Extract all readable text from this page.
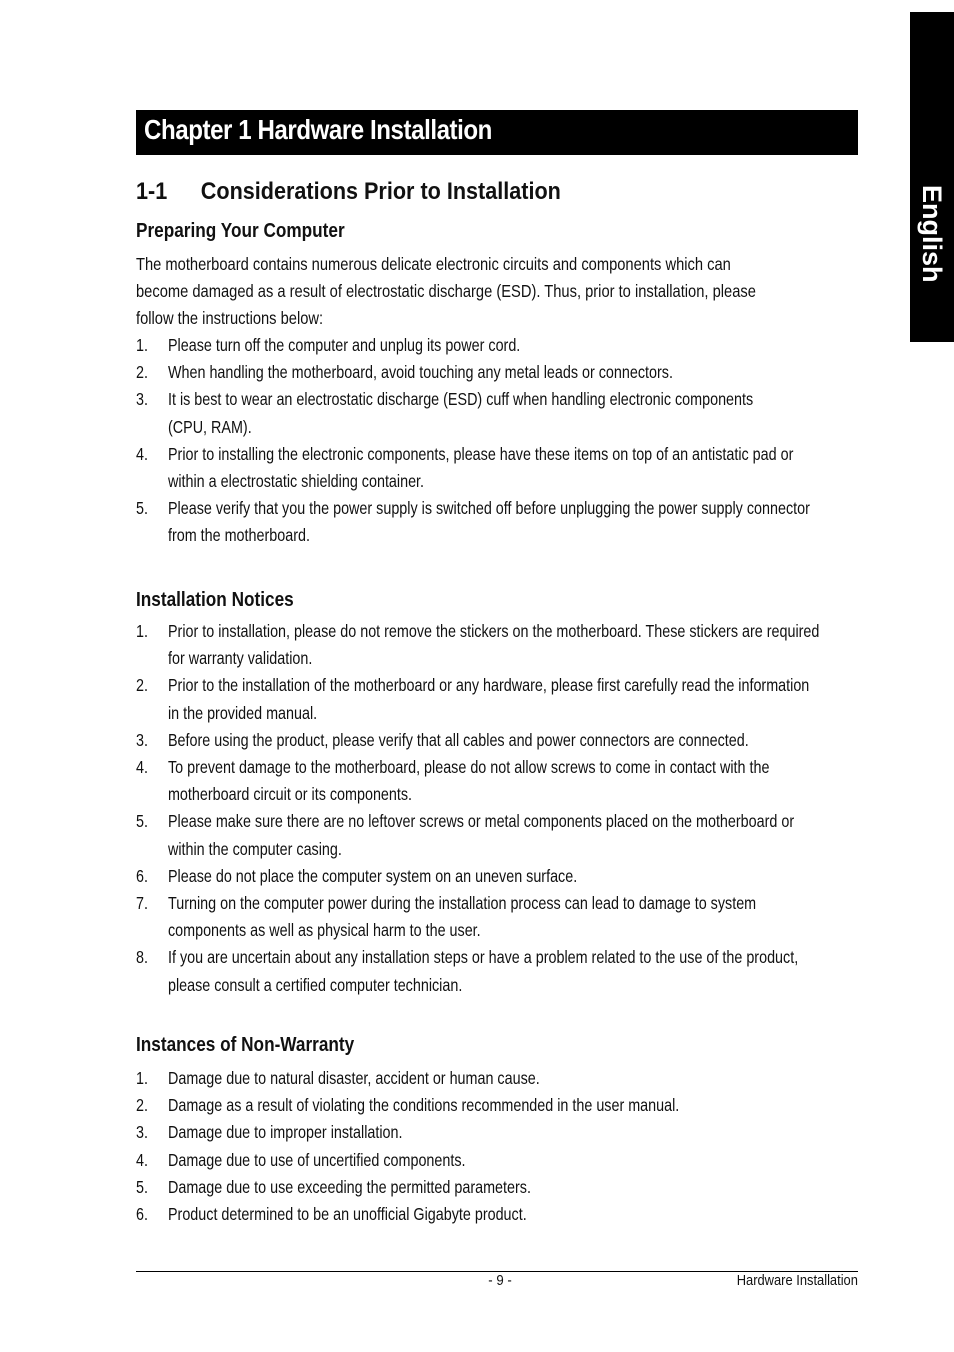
English
Chapter 1 Hardware Installation
1-1 Considerations Prior to Installation
Preparing Your Computer
The motherboard contains numerous delicate electronic circuits and components which can
become damaged as a result of electrostatic discharge (ESD). Thus, prior to installation, please
follow the instructions below:
1. Please turn off the computer and unplug its power cord.
2. When handling the motherboard, avoid touching any metal leads or connectors.
3. It is best to wear an electrostatic discharge (ESD) cuff when handling electronic components
(CPU, RAM).
4. Prior to installing the electronic components, please have these items on top of an antistatic pad or
within a electrostatic shielding container.
5. Please verify that you the power supply is switched off before unplugging the power supply connector
from the motherboard.
Installation Notices
1. Prior to installation, please do not remove the stickers on the motherboard. These stickers are required
for warranty validation.
2. Prior to the installation of the motherboard or any hardware, please first carefully read the information
in the provided manual.
3. Before using the product, please verify that all cables and power connectors are connected.
4. To prevent damage to the motherboard, please do not allow screws to come in contact with the
motherboard circuit or its components.
5. Please make sure there are no leftover screws or metal components placed on the motherboard or
within the computer casing.
6. Please do not place the computer system on an uneven surface.
7. Turning on the computer power during the installation process can lead to damage to system
components as well as physical harm to the user.
8. If you are uncertain about any installation steps or have a problem related to the use of the product,
please consult a certified computer technician.
Instances of Non-Warranty
1. Damage due to natural disaster, accident or human cause.
2. Damage as a result of violating the conditions recommended in the user manual.
3. Damage due to improper installation.
4. Damage due to use of uncertified components.
5. Damage due to use exceeding the permitted parameters.
6. Product determined to be an unofficial Gigabyte product.
- 9 -	Hardware Installation
